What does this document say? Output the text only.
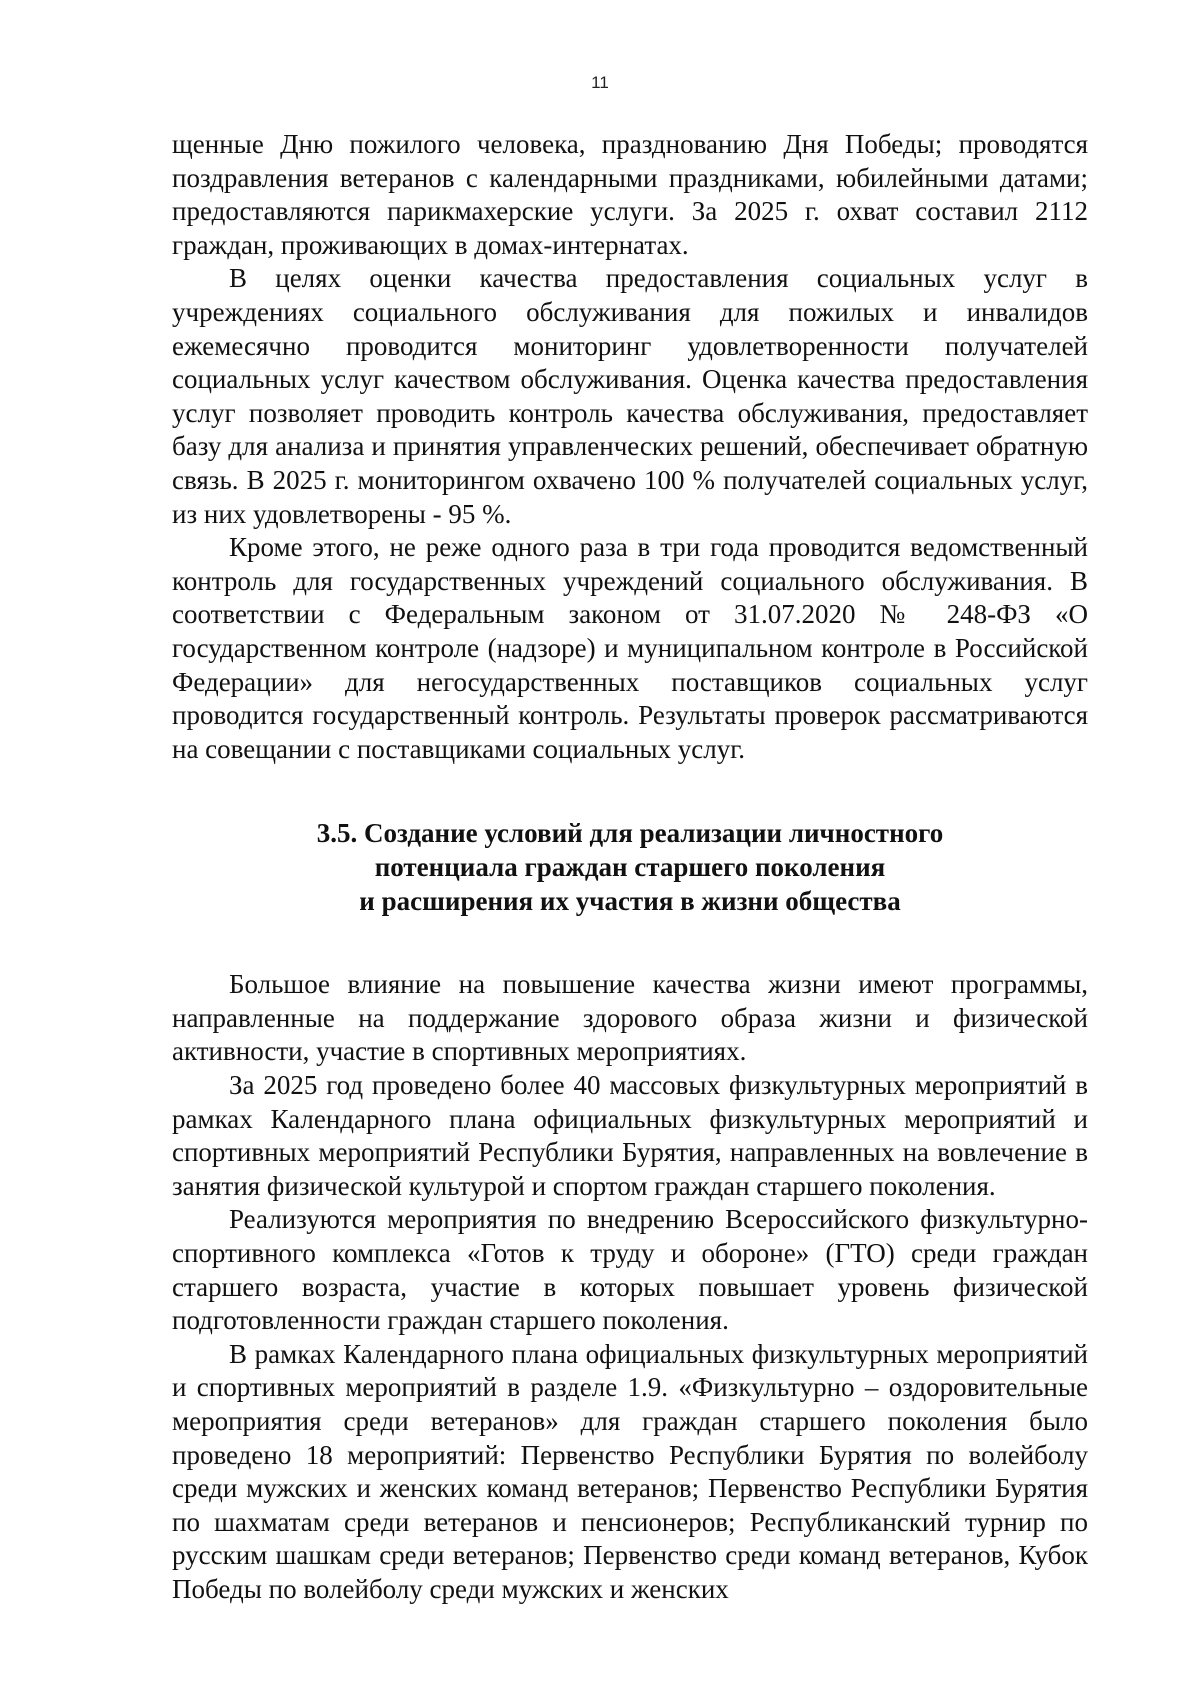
11

щенные Дню пожилого человека, празднованию Дня Победы; проводятся поздравления ветеранов с календарными праздниками, юбилейными датами; предоставляются парикмахерские услуги. За 2025 г. охват составил 2112 граждан, проживающих в домах-интернатах.

В целях оценки качества предоставления социальных услуг в учреждениях социального обслуживания для пожилых и инвалидов ежемесячно проводится мониторинг удовлетворенности получателей социальных услуг качеством обслуживания. Оценка качества предоставления услуг позволяет проводить контроль качества обслуживания, предоставляет базу для анализа и принятия управленческих решений, обеспечивает обратную связь. В 2025 г. мониторингом охвачено 100 % получателей социальных услуг, из них удовлетворены - 95 %.

Кроме этого, не реже одного раза в три года проводится ведомственный контроль для государственных учреждений социального обслуживания. В соответствии с Федеральным законом от 31.07.2020 № 248-ФЗ «О государственном контроле (надзоре) и муниципальном контроле в Российской Федерации» для негосударственных поставщиков социальных услуг проводится государственный контроль. Результаты проверок рассматриваются на совещании с поставщиками социальных услуг.

3.5. Создание условий для реализации личностного
потенциала граждан старшего поколения
и расширения их участия в жизни общества

Большое влияние на повышение качества жизни имеют программы, направленные на поддержание здорового образа жизни и физической активности, участие в спортивных мероприятиях.

За 2025 год проведено более 40 массовых физкультурных мероприятий в рамках Календарного плана официальных физкультурных мероприятий и спортивных мероприятий Республики Бурятия, направленных на вовлечение в занятия физической культурой и спортом граждан старшего поколения.

Реализуются мероприятия по внедрению Всероссийского физкультурно-спортивного комплекса «Готов к труду и обороне» (ГТО) среди граждан старшего возраста, участие в которых повышает уровень физической подготовленности граждан старшего поколения.

В рамках Календарного плана официальных физкультурных мероприятий и спортивных мероприятий в разделе 1.9. «Физкультурно – оздоровительные мероприятия среди ветеранов» для граждан старшего поколения было проведено 18 мероприятий: Первенство Республики Бурятия по волейболу среди мужских и женских команд ветеранов; Первенство Республики Бурятия по шахматам среди ветеранов и пенсионеров; Республиканский турнир по русским шашкам среди ветеранов; Первенство среди команд ветеранов, Кубок Победы по волейболу среди мужских и женских
